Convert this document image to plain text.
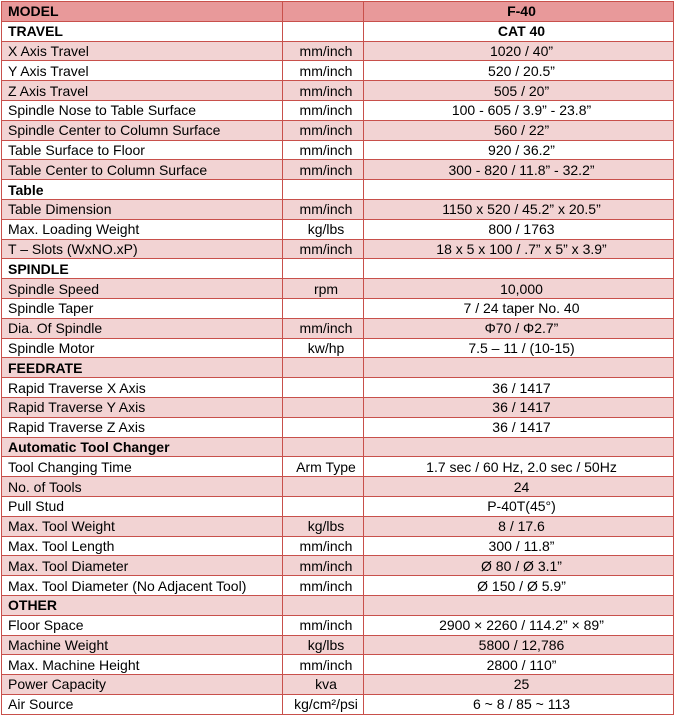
MODEL		F-40
TRAVEL		CAT 40
X Axis Travel	mm/inch	1020 / 40”
Y Axis Travel	mm/inch	520 / 20.5”
Z Axis Travel	mm/inch	505 / 20”
Spindle Nose to Table Surface	mm/inch	100 - 605 / 3.9” - 23.8”
Spindle Center to Column Surface	mm/inch	560 / 22”
Table Surface to Floor	mm/inch	920 / 36.2”
Table Center to Column Surface	mm/inch	300 - 820 / 11.8” - 32.2”
Table		
Table Dimension	mm/inch	1150 x 520 / 45.2” x 20.5”
Max. Loading Weight	kg/lbs	800 / 1763
T – Slots (WxNO.xP)	mm/inch	18 x 5 x 100 / .7” x 5” x 3.9”
SPINDLE		
Spindle Speed	rpm	10,000
Spindle Taper		7 / 24 taper No. 40
Dia. Of Spindle	mm/inch	Φ70 / Φ2.7”
Spindle Motor	kw/hp	7.5 – 11 / (10-15)
FEEDRATE		
Rapid Traverse X Axis		36 / 1417
Rapid Traverse Y Axis		36 / 1417
Rapid Traverse Z Axis		36 / 1417
Automatic Tool Changer		
Tool Changing Time	Arm Type	1.7 sec / 60 Hz, 2.0 sec / 50Hz
No. of Tools		24
Pull Stud		P-40T(45°)
Max. Tool Weight	kg/lbs	8 / 17.6
Max. Tool Length	mm/inch	300 / 11.8”
Max. Tool Diameter	mm/inch	Ø 80 / Ø 3.1”
Max. Tool Diameter (No Adjacent Tool)	mm/inch	Ø 150 / Ø 5.9”
OTHER		
Floor Space	mm/inch	2900 × 2260 / 114.2” × 89”
Machine Weight	kg/lbs	5800 / 12,786
Max. Machine Height	mm/inch	2800 / 110”
Power Capacity	kva	25
Air Source	kg/cm²/psi	6 ~ 8 / 85 ~ 113
